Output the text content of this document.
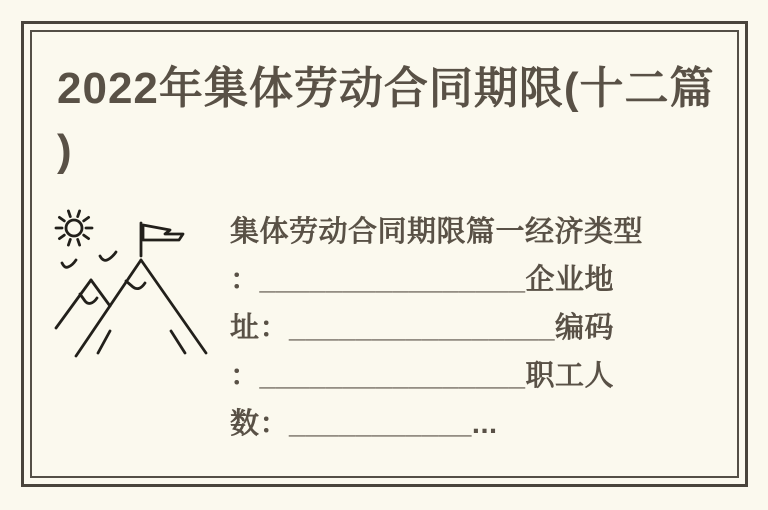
2022年集体劳动合同期限(十二篇
)
集体劳动合同期限篇一经济类型
：________________企业地
址：________________编码
：________________职工人
数：___________...
